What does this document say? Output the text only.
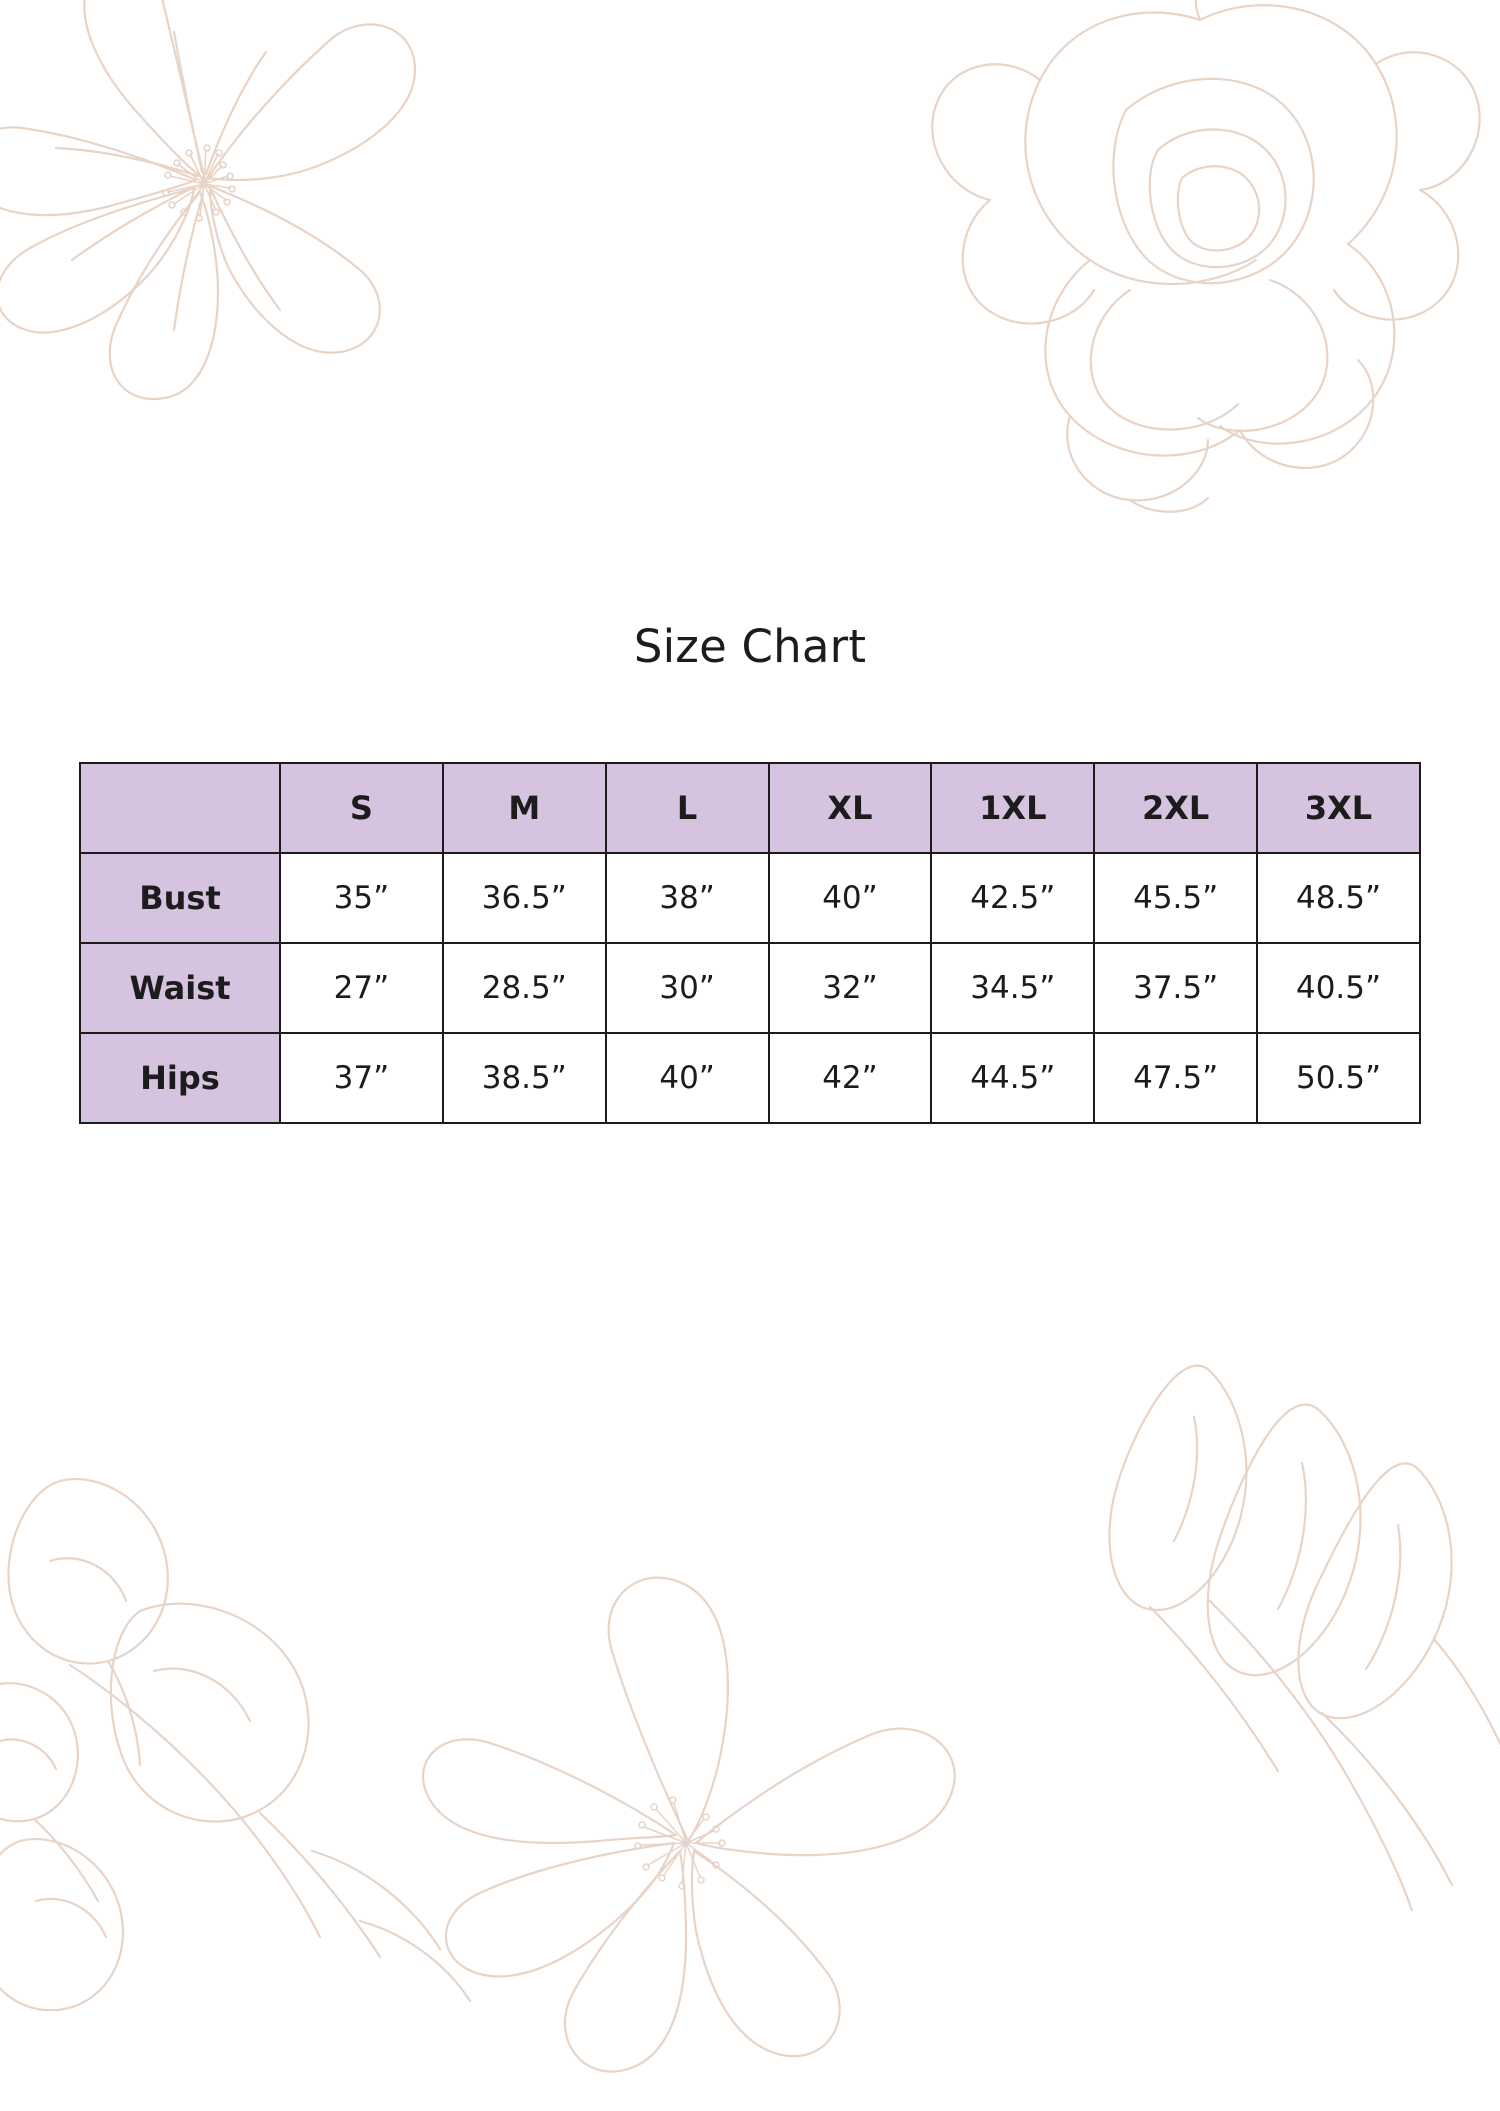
Size Chart
	S	M	L	XL	1XL	2XL	3XL
Bust	35”	36.5”	38”	40”	42.5”	45.5”	48.5”
Waist	27”	28.5”	30”	32”	34.5”	37.5”	40.5”
Hips	37”	38.5”	40”	42”	44.5”	47.5”	50.5”
